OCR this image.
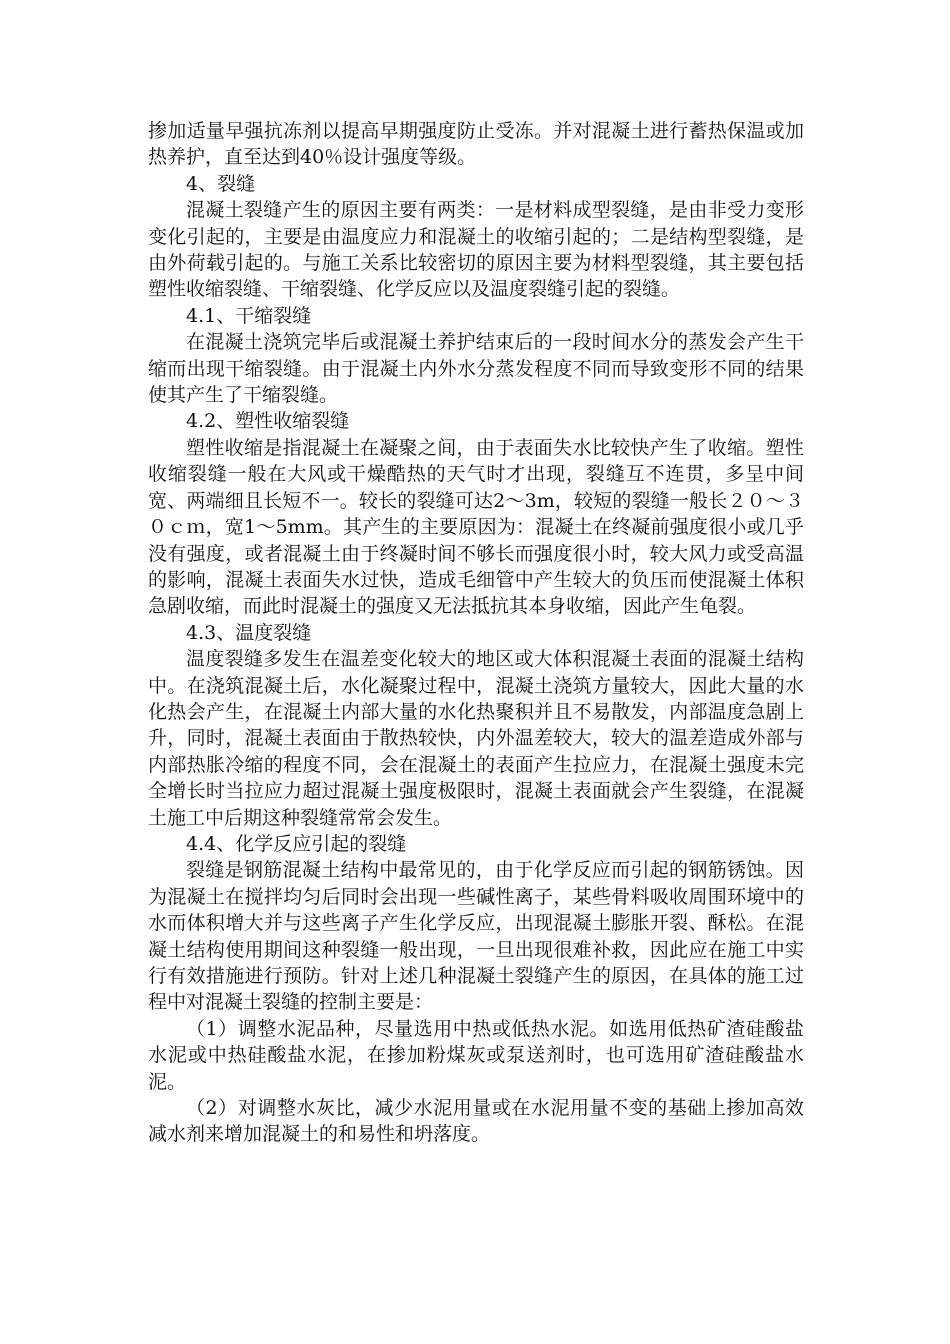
掺加适量早强抗冻剂以提高早期强度防止受冻。并对混凝土进行蓄热保温或加热养护，直至达到40％设计强度等级。

4、裂缝

混凝土裂缝产生的原因主要有两类：一是材料成型裂缝，是由非受力变形变化引起的，主要是由温度应力和混凝土的收缩引起的；二是结构型裂缝，是由外荷载引起的。与施工关系比较密切的原因主要为材料型裂缝，其主要包括塑性收缩裂缝、干缩裂缝、化学反应以及温度裂缝引起的裂缝。

4.1、干缩裂缝

在混凝土浇筑完毕后或混凝土养护结束后的一段时间水分的蒸发会产生干缩而出现干缩裂缝。由于混凝土内外水分蒸发程度不同而导致变形不同的结果使其产生了干缩裂缝。

4.2、塑性收缩裂缝

塑性收缩是指混凝土在凝聚之间，由于表面失水比较快产生了收缩。塑性收缩裂缝一般在大风或干燥酷热的天气时才出现，裂缝互不连贯，多呈中间宽、两端细且长短不一。较长的裂缝可达2～3m，较短的裂缝一般长２０～３０ｃｍ，宽1～5mm。其产生的主要原因为：混凝土在终凝前强度很小或几乎没有强度，或者混凝土由于终凝时间不够长而强度很小时，较大风力或受高温的影响，混凝土表面失水过快，造成毛细管中产生较大的负压而使混凝土体积急剧收缩，而此时混凝土的强度又无法抵抗其本身收缩，因此产生龟裂。

4.3、温度裂缝

温度裂缝多发生在温差变化较大的地区或大体积混凝土表面的混凝土结构中。在浇筑混凝土后，水化凝聚过程中，混凝土浇筑方量较大，因此大量的水化热会产生，在混凝土内部大量的水化热聚积并且不易散发，内部温度急剧上升，同时，混凝土表面由于散热较快，内外温差较大，较大的温差造成外部与内部热胀冷缩的程度不同，会在混凝土的表面产生拉应力，在混凝土强度未完全增长时当拉应力超过混凝土强度极限时，混凝土表面就会产生裂缝，在混凝土施工中后期这种裂缝常常会发生。

4.4、化学反应引起的裂缝

裂缝是钢筋混凝土结构中最常见的，由于化学反应而引起的钢筋锈蚀。因为混凝土在搅拌均匀后同时会出现一些碱性离子，某些骨料吸收周围环境中的水而体积增大并与这些离子产生化学反应，出现混凝土膨胀开裂、酥松。在混凝土结构使用期间这种裂缝一般出现，一旦出现很难补救，因此应在施工中实行有效措施进行预防。针对上述几种混凝土裂缝产生的原因，在具体的施工过程中对混凝土裂缝的控制主要是：

（1）调整水泥品种，尽量选用中热或低热水泥。如选用低热矿渣硅酸盐水泥或中热硅酸盐水泥，在掺加粉煤灰或泵送剂时，也可选用矿渣硅酸盐水泥。

（2）对调整水灰比，减少水泥用量或在水泥用量不变的基础上掺加高效减水剂来增加混凝土的和易性和坍落度。
